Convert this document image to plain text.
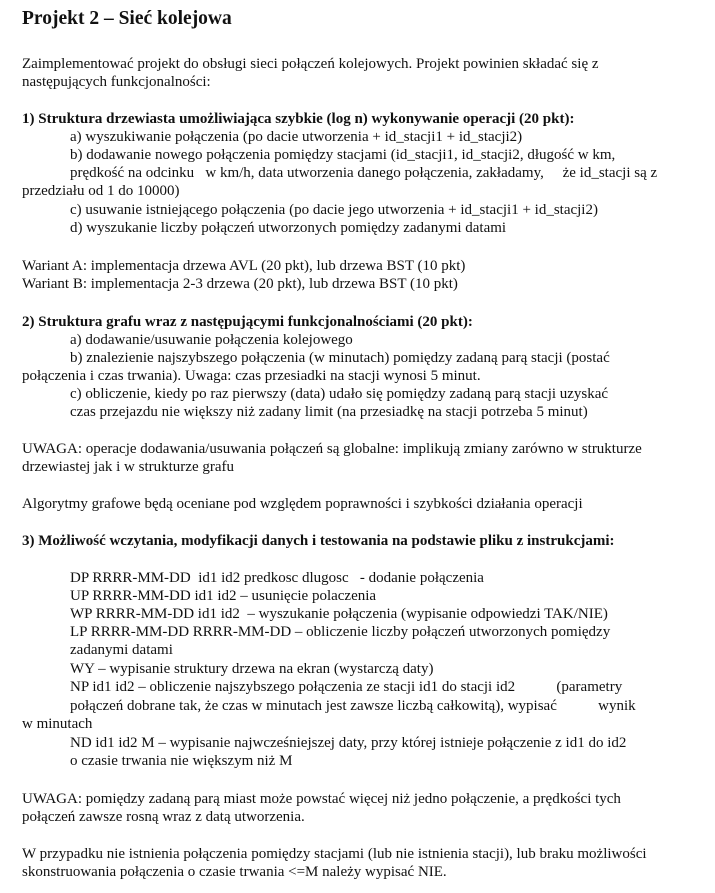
Projekt 2 – Sieć kolejowa
Zaimplementować projekt do obsługi sieci połączeń kolejowych. Projekt powinien składać się z
następujących funkcjonalności:
1) Struktura drzewiasta umożliwiająca szybkie (log n) wykonywanie operacji (20 pkt):
a) wyszukiwanie połączenia (po dacie utworzenia + id_stacji1 + id_stacji2)
b) dodawanie nowego połączenia pomiędzy stacjami (id_stacji1, id_stacji2, długość w km,
prędkość na odcinku   w km/h, data utworzenia danego połączenia, zakładamy,     że id_stacji są z
przedziału od 1 do 10000)
c) usuwanie istniejącego połączenia (po dacie jego utworzenia + id_stacji1 + id_stacji2)
d) wyszukanie liczby połączeń utworzonych pomiędzy zadanymi datami
Wariant A: implementacja drzewa AVL (20 pkt), lub drzewa BST (10 pkt)
Wariant B: implementacja 2-3 drzewa (20 pkt), lub drzewa BST (10 pkt)
2) Struktura grafu wraz z następującymi funkcjonalnościami (20 pkt):
a) dodawanie/usuwanie połączenia kolejowego
b) znalezienie najszybszego połączenia (w minutach) pomiędzy zadaną parą stacji (postać
połączenia i czas trwania). Uwaga: czas przesiadki na stacji wynosi 5 minut.
c) obliczenie, kiedy po raz pierwszy (data) udało się pomiędzy zadaną parą stacji uzyskać
czas przejazdu nie większy niż zadany limit (na przesiadkę na stacji potrzeba 5 minut)
UWAGA: operacje dodawania/usuwania połączeń są globalne: implikują zmiany zarówno w strukturze
drzewiastej jak i w strukturze grafu
Algorytmy grafowe będą oceniane pod względem poprawności i szybkości działania operacji
3) Możliwość wczytania, modyfikacji danych i testowania na podstawie pliku z instrukcjami:
DP RRRR-MM-DD  id1 id2 predkosc dlugosc   - dodanie połączenia
UP RRRR-MM-DD id1 id2 – usunięcie polaczenia
WP RRRR-MM-DD id1 id2  – wyszukanie połączenia (wypisanie odpowiedzi TAK/NIE)
LP RRRR-MM-DD RRRR-MM-DD – obliczenie liczby połączeń utworzonych pomiędzy
zadanymi datami
WY – wypisanie struktury drzewa na ekran (wystarczą daty)
NP id1 id2 – obliczenie najszybszego połączenia ze stacji id1 do stacji id2           (parametry
połączeń dobrane tak, że czas w minutach jest zawsze liczbą całkowitą), wypisać           wynik
w minutach
ND id1 id2 M – wypisanie najwcześniejszej daty, przy której istnieje połączenie z id1 do id2
o czasie trwania nie większym niż M
UWAGA: pomiędzy zadaną parą miast może powstać więcej niż jedno połączenie, a prędkości tych
połączeń zawsze rosną wraz z datą utworzenia.
W przypadku nie istnienia połączenia pomiędzy stacjami (lub nie istnienia stacji), lub braku możliwości
skonstruowania połączenia o czasie trwania <=M należy wypisać NIE.
